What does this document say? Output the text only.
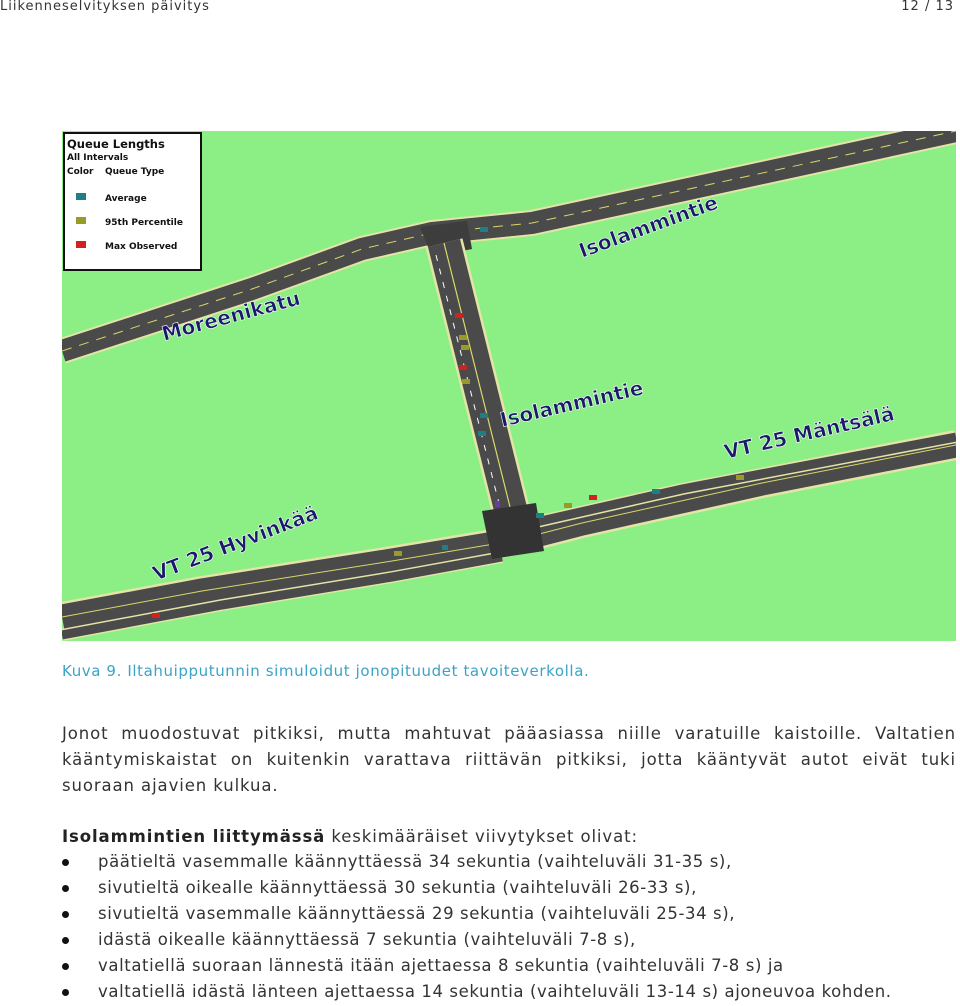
Liikenneselvityksen päivitys	12 / 13
Queue Lengths
All Intervals
Color Queue Type
Average
95th Percentile
Max Observed
Moreenikatu
Isolammintie
Isolammintie	VT 25 Mäntsälä
VT 25 Hyvinkää
Kuva 9. Iltahuipputunnin simuloidut jonopituudet tavoiteverkolla.
Jonot muodostuvat pitkiksi, mutta mahtuvat pääasiassa niille varatuille kaistoille. Valtatien kääntymiskaistat on kuitenkin varattava riittävän pitkiksi, jotta kääntyvät autot eivät tuki suoraan ajavien kulkua.
Isolammintien liittymässä keskimääräiset viivytykset olivat:
päätieltä vasemmalle käännyttäessä 34 sekuntia (vaihteluväli 31-35 s),
sivutieltä oikealle käännyttäessä 30 sekuntia (vaihteluväli 26-33 s),
sivutieltä vasemmalle käännyttäessä 29 sekuntia (vaihteluväli 25-34 s),
idästä oikealle käännyttäessä 7 sekuntia (vaihteluväli 7-8 s),
valtatiellä suoraan lännestä itään ajettaessa 8 sekuntia (vaihteluväli 7-8 s) ja
valtatiellä idästä länteen ajettaessa 14 sekuntia (vaihteluväli 13-14 s) ajoneuvoa kohden.
